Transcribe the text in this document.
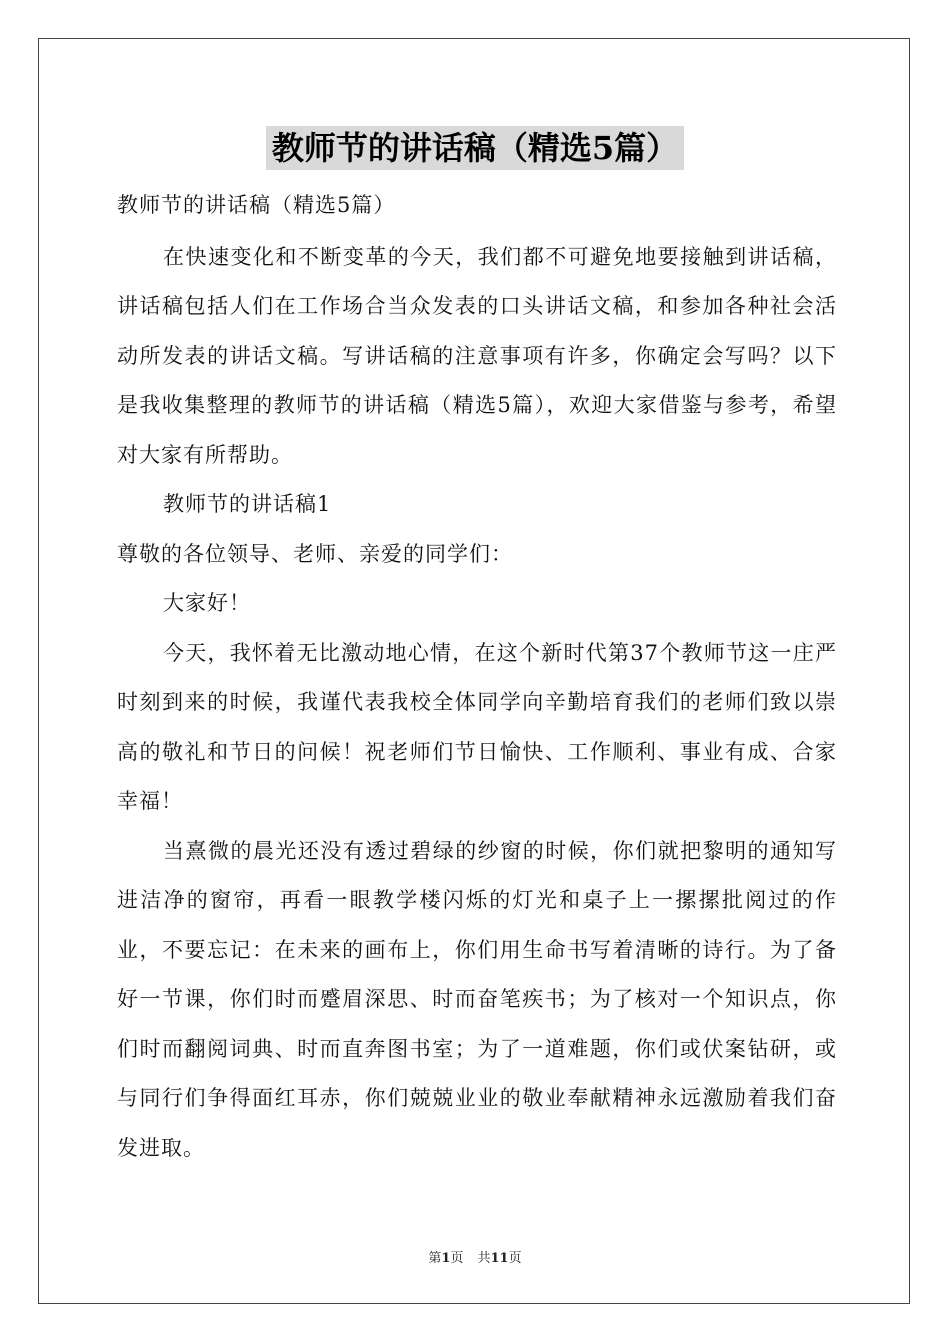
教师节的讲话稿（精选5篇）

教师节的讲话稿（精选5篇）

在快速变化和不断变革的今天，我们都不可避免地要接触到讲话稿，讲话稿包括人们在工作场合当众发表的口头讲话文稿，和参加各种社会活动所发表的讲话文稿。写讲话稿的注意事项有许多，你确定会写吗？以下是我收集整理的教师节的讲话稿（精选5篇），欢迎大家借鉴与参考，希望对大家有所帮助。

教师节的讲话稿1

尊敬的各位领导、老师、亲爱的同学们：

大家好！

今天，我怀着无比激动地心情，在这个新时代第37个教师节这一庄严时刻到来的时候，我谨代表我校全体同学向辛勤培育我们的老师们致以崇高的敬礼和节日的问候！祝老师们节日愉快、工作顺利、事业有成、合家幸福！

当熹微的晨光还没有透过碧绿的纱窗的时候，你们就把黎明的通知写进洁净的窗帘，再看一眼教学楼闪烁的灯光和桌子上一摞摞批阅过的作业，不要忘记：在未来的画布上，你们用生命书写着清晰的诗行。为了备好一节课，你们时而蹙眉深思、时而奋笔疾书；为了核对一个知识点，你们时而翻阅词典、时而直奔图书室；为了一道难题，你们或伏案钻研，或与同行们争得面红耳赤，你们兢兢业业的敬业奉献精神永远激励着我们奋发进取。

第1页 共11页
